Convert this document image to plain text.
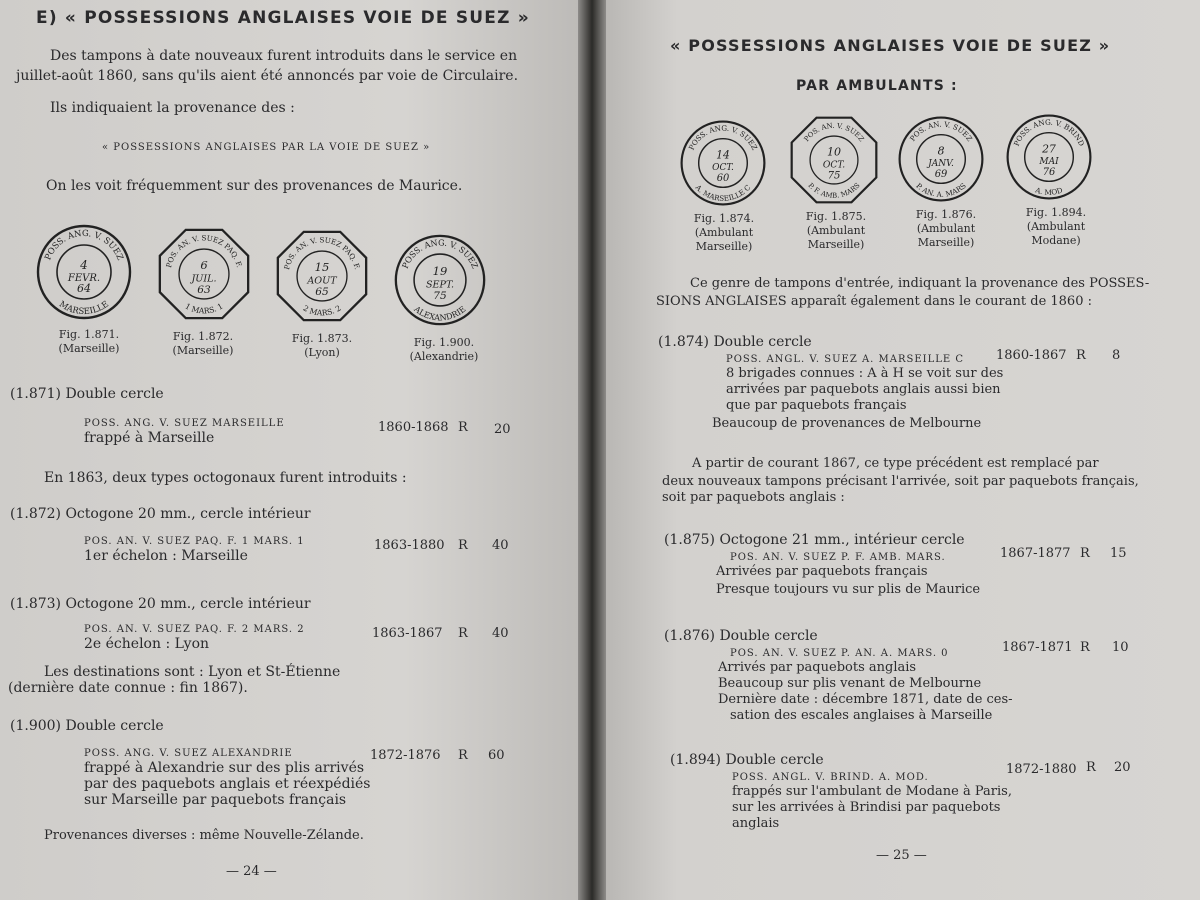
E) « POSSESSIONS ANGLAISES VOIE DE SUEZ »
Des tampons à date nouveaux furent introduits dans le service en
juillet-août 1860, sans qu'ils aient été annoncés par voie de Circulaire.
Ils indiquaient la provenance des :
« POSSESSIONS ANGLAISES PAR LA VOIE DE SUEZ »
On les voit fréquemment sur des provenances de Maurice.
4
FEVR.
64
POSS. ANG. V. SUEZ
MARSEILLE
6
JUIL.
63
POS. AN. V. SUEZ PAQ. F.
1 MARS. 1
15
AOUT
65
POS. AN. V. SUEZ PAQ. F.
2 MARS. 2
19
SEPT.
75
POSS. ANG. V. SUEZ
ALEXANDRIE
Fig. 1.871.
(Marseille)
Fig. 1.872.
(Marseille)
Fig. 1.873.
(Lyon)
Fig. 1.900.
(Alexandrie)
(1.871) Double cercle
POSS. ANG. V. SUEZ MARSEILLE
frappé à Marseille
1860-1868 R 20
En 1863, deux types octogonaux furent introduits :
(1.872) Octogone 20 mm., cercle intérieur
POS. AN. V. SUEZ PAQ. F. 1 MARS. 1
1er échelon : Marseille
1863-1880 R 40
(1.873) Octogone 20 mm., cercle intérieur
POS. AN. V. SUEZ PAQ. F. 2 MARS. 2
2e échelon : Lyon
1863-1867 R 40
Les destinations sont : Lyon et St-Étienne
(dernière date connue : fin 1867).
(1.900) Double cercle
POSS. ANG. V. SUEZ ALEXANDRIE
frappé à Alexandrie sur des plis arrivés
par des paquebots anglais et réexpédiés
sur Marseille par paquebots français
1872-1876 R 60
Provenances diverses : même Nouvelle-Zélande.
— 24 —
« POSSESSIONS ANGLAISES VOIE DE SUEZ »
PAR AMBULANTS :
14
OCT.
60
POSS. ANG. V. SUEZ
A. MARSEILLE C
10
OCT.
75
POS. AN. V. SUEZ
P. F. AMB. MARS
8
JANV.
69
POS. AN. V. SUEZ
P. AN. A. MARS
27
MAI
76
POSS. ANG. V. BRIND
A. MOD
Fig. 1.874.
(Ambulant
Marseille)
Fig. 1.875.
(Ambulant
Marseille)
Fig. 1.876.
(Ambulant
Marseille)
Fig. 1.894.
(Ambulant
Modane)
Ce genre de tampons d'entrée, indiquant la provenance des POSSES-
SIONS ANGLAISES apparaît également dans le courant de 1860 :
(1.874) Double cercle
POSS. ANGL. V. SUEZ A. MARSEILLE C
8 brigades connues : A à H se voit sur des
arrivées par paquebots anglais aussi bien
que par paquebots français
Beaucoup de provenances de Melbourne
1860-1867 R 8
A partir de courant 1867, ce type précédent est remplacé par
deux nouveaux tampons précisant l'arrivée, soit par paquebots français,
soit par paquebots anglais :
(1.875) Octogone 21 mm., intérieur cercle
POS. AN. V. SUEZ P. F. AMB. MARS.
Arrivées par paquebots français
Presque toujours vu sur plis de Maurice
1867-1877 R 15
(1.876) Double cercle
POS. AN. V. SUEZ P. AN. A. MARS. 0
Arrivés par paquebots anglais
Beaucoup sur plis venant de Melbourne
Dernière date : décembre 1871, date de ces-
sation des escales anglaises à Marseille
1867-1871 R 10
(1.894) Double cercle
POSS. ANGL. V. BRIND. A. MOD.
frappés sur l'ambulant de Modane à Paris,
sur les arrivées à Brindisi par paquebots
anglais
1872-1880 R 20
— 25 —
